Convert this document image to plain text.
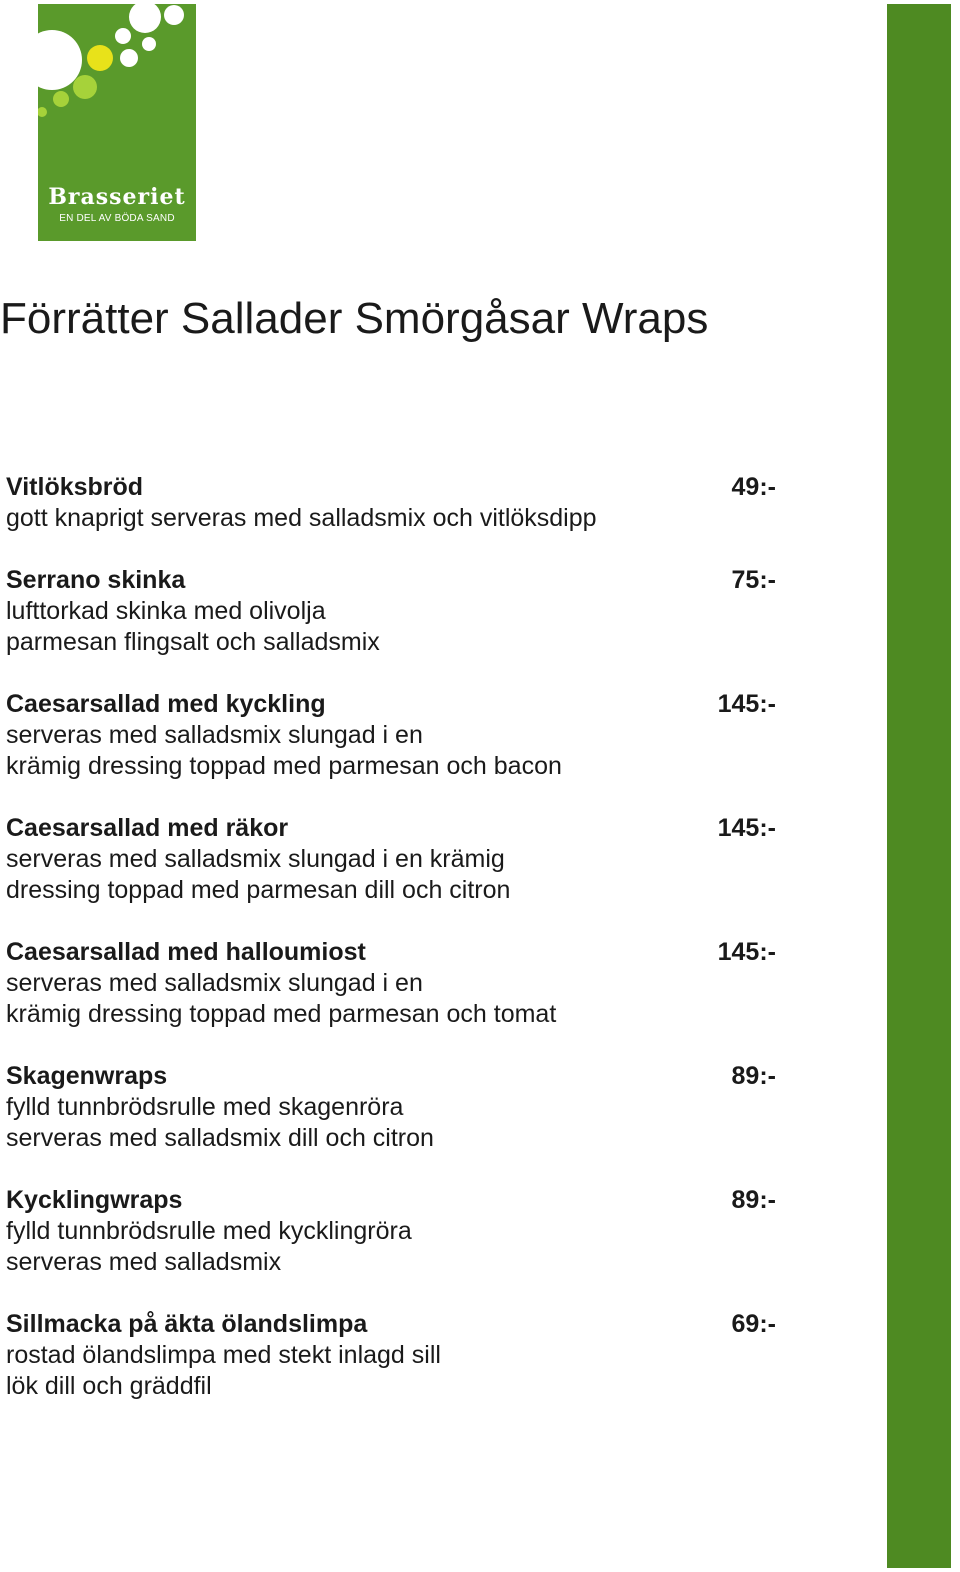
Brasseriet
EN DEL AV BÖDA SAND
Förrätter Sallader Smörgåsar Wraps
Vitlöksbröd	49:-
gott knaprigt serveras med salladsmix och vitlöksdipp
Serrano skinka	75:-
lufttorkad skinka med olivolja
parmesan flingsalt och salladsmix
Caesarsallad med kyckling	145:-
serveras med salladsmix slungad i en
krämig dressing toppad med parmesan och bacon
Caesarsallad med räkor	145:-
serveras med salladsmix slungad i en krämig
dressing toppad med parmesan dill och citron
Caesarsallad med halloumiost	145:-
serveras med salladsmix slungad i en
krämig dressing toppad med parmesan och tomat
Skagenwraps	89:-
fylld tunnbrödsrulle med skagenröra
serveras med salladsmix dill och citron
Kycklingwraps	89:-
fylld tunnbrödsrulle med kycklingröra
serveras med salladsmix
Sillmacka på äkta ölandslimpa	69:-
rostad ölandslimpa med stekt inlagd sill
lök dill och gräddfil
